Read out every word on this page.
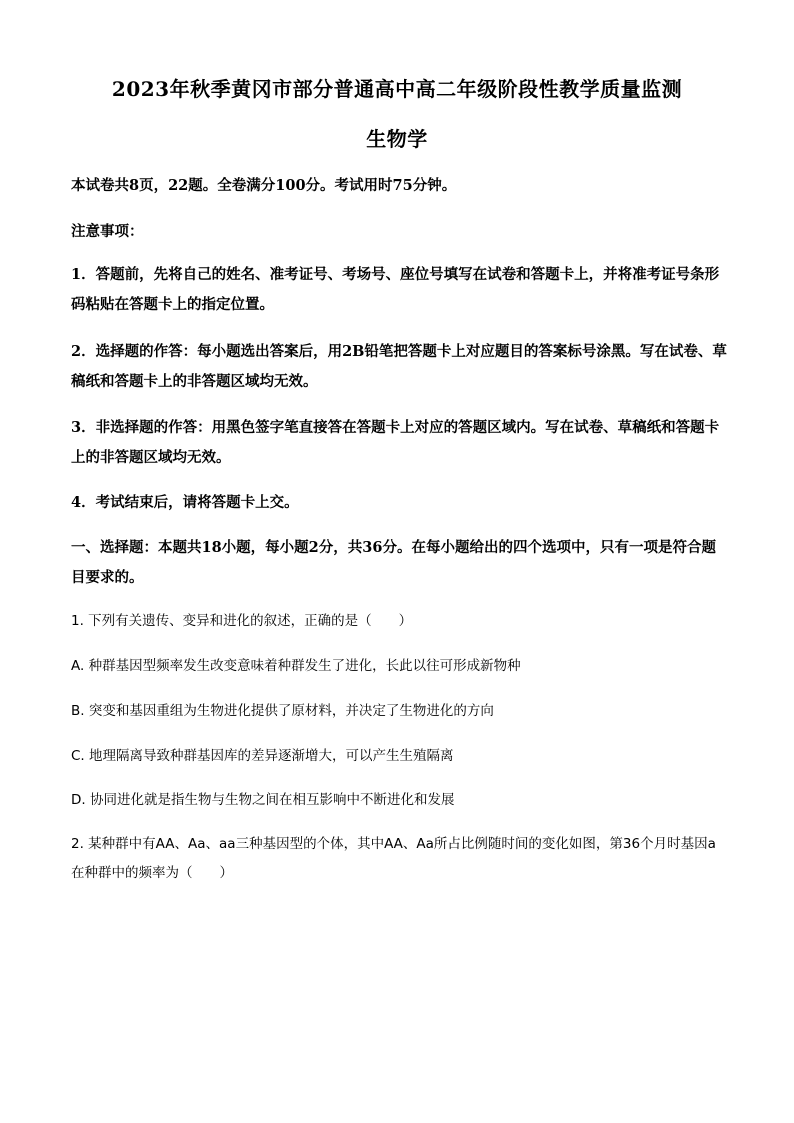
2023年秋季黄冈市部分普通高中高二年级阶段性教学质量监测
生物学
本试卷共8页，22题。全卷满分100分。考试用时75分钟。
注意事项：
1．答题前，先将自己的姓名、准考证号、考场号、座位号填写在试卷和答题卡上，并将准考证号条形码粘贴在答题卡上的指定位置。
2．选择题的作答：每小题选出答案后，用2B铅笔把答题卡上对应题目的答案标号涂黑。写在试卷、草稿纸和答题卡上的非答题区域均无效。
3．非选择题的作答：用黑色签字笔直接答在答题卡上对应的答题区域内。写在试卷、草稿纸和答题卡上的非答题区域均无效。
4．考试结束后，请将答题卡上交。
一、选择题：本题共18小题，每小题2分，共36分。在每小题给出的四个选项中，只有一项是符合题目要求的。
1. 下列有关遗传、变异和进化的叙述，正确的是（　　）
A. 种群基因型频率发生改变意味着种群发生了进化，长此以往可形成新物种
B. 突变和基因重组为生物进化提供了原材料，并决定了生物进化的方向
C. 地理隔离导致种群基因库的差异逐渐增大，可以产生生殖隔离
D. 协同进化就是指生物与生物之间在相互影响中不断进化和发展
2. 某种群中有AA、Aa、aa三种基因型的个体，其中AA、Aa所占比例随时间的变化如图，第36个月时基因a在种群中的频率为（　　）
